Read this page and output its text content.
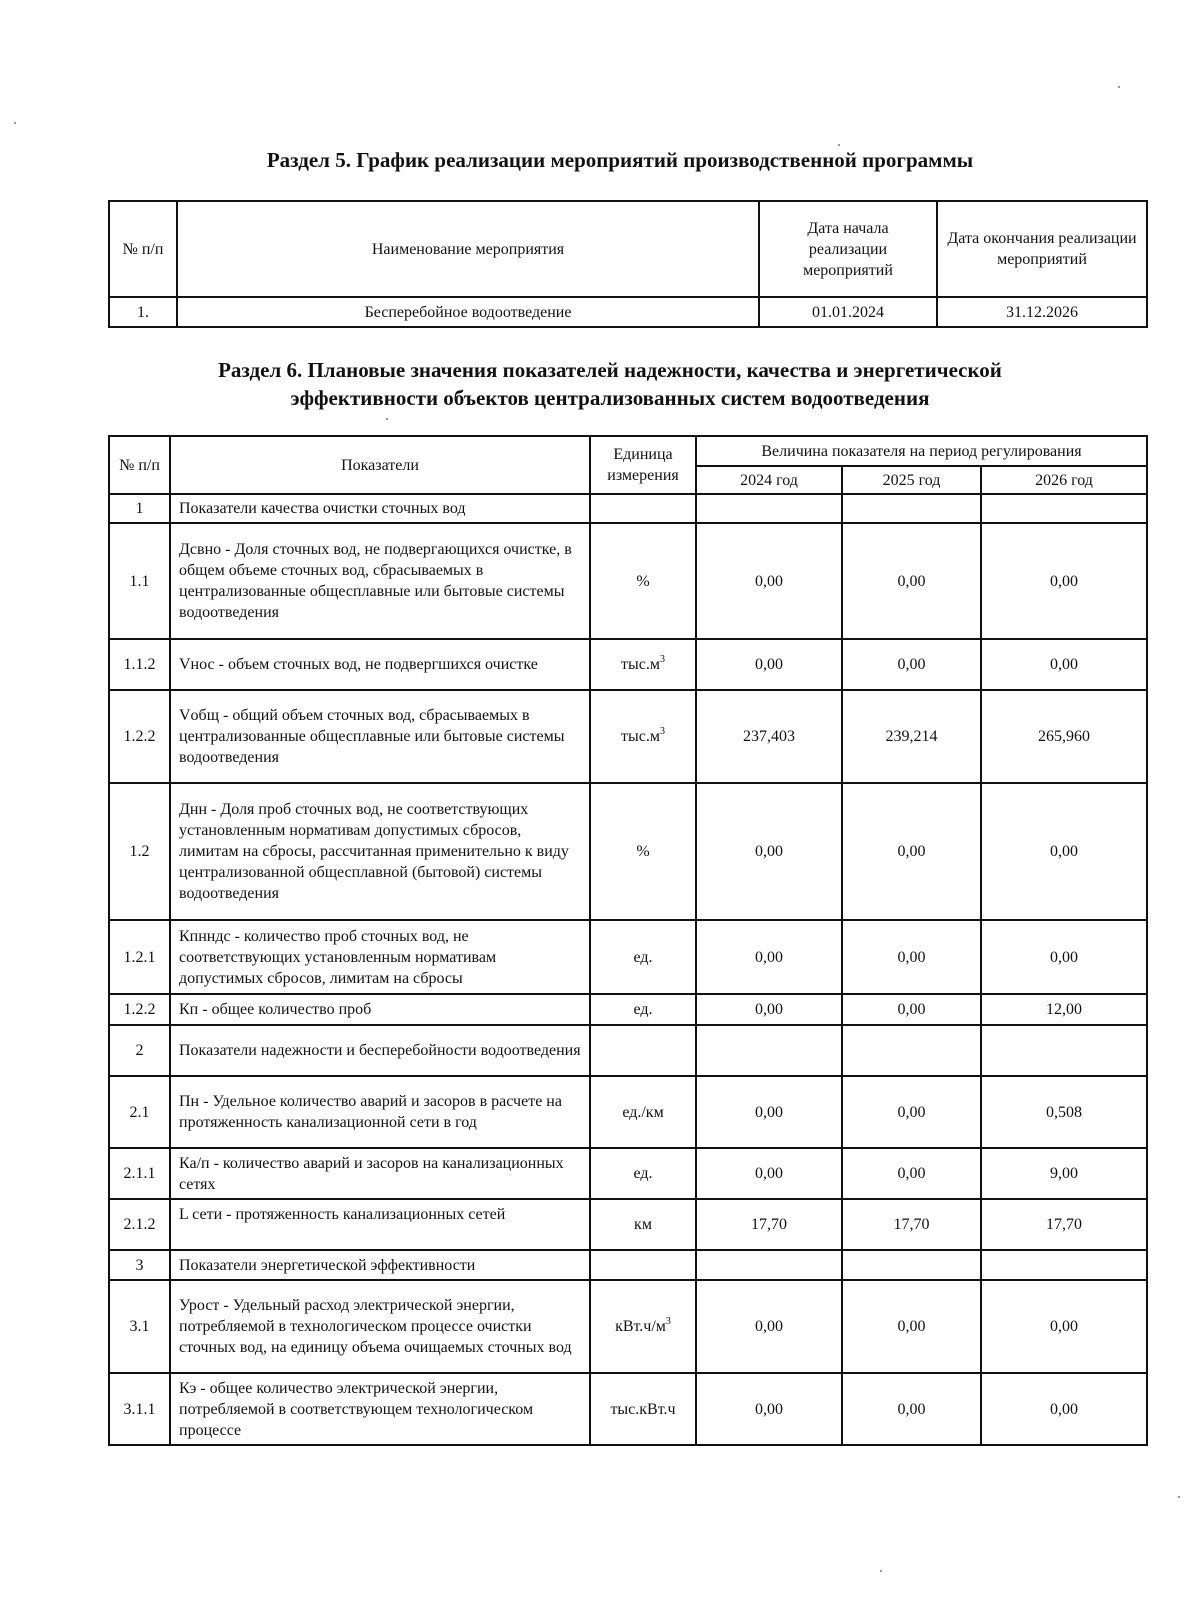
Раздел 5. График реализации мероприятий производственной программы
№ п/п	Наименование мероприятия	Дата начала реализации мероприятий	Дата окончания реализации мероприятий
1.	Бесперебойное водоотведение	01.01.2024	31.12.2026
Раздел 6. Плановые значения показателей надежности, качества и энергетической
эффективности объектов централизованных систем водоотведения
№ п/п	Показатели	Единица измерения	Величина показателя на период регулирования		
			2024 год	2025 год	2026 год
1	Показатели качества очистки сточных вод				
1.1	Дсвно - Доля сточных вод, не подвергающихся очистке, в общем объеме сточных вод, сбрасываемых в централизованные общесплавные или бытовые системы водоотведения	%	0,00	0,00	0,00
1.1.2	Vнос - объем сточных вод, не подвергшихся очистке	$тыс.м^3$	0,00	0,00	0,00
1.2.2	Vобщ - общий объем сточных вод, сбрасываемых в централизованные общесплавные или бытовые системы водоотведения	$тыс.м^3$	237,403	239,214	265,960
1.2	Днн - Доля проб сточных вод, не соответствующих установленным нормативам допустимых сбросов, лимитам на сбросы, рассчитанная применительно к виду централизованной общесплавной (бытовой) системы водоотведения	%	0,00	0,00	0,00
1.2.1	Кпнндс - количество проб сточных вод, не соответствующих установленным нормативам допустимых сбросов, лимитам на сбросы	ед.	0,00	0,00	0,00
1.2.2	Кп - общее количество проб	ед.	0,00	0,00	12,00
2	Показатели надежности и бесперебойности водоотведения				
2.1	Пн - Удельное количество аварий и засоров в расчете на протяженность канализационной сети в год	ед./км	0,00	0,00	0,508
2.1.1	Ка/п - количество аварий и засоров на канализационных сетях	ед.	0,00	0,00	9,00
2.1.2	L сети - протяженность канализационных сетей	км	17,70	17,70	17,70
3	Показатели энергетической эффективности				
3.1	Урост - Удельный расход электрической энергии, потребляемой в технологическом процессе очистки сточных вод, на единицу объема очищаемых сточных вод	$кВт.ч/м^3$	0,00	0,00	0,00
3.1.1	Кэ - общее количество электрической энергии, потребляемой в соответствующем технологическом процессе	тыс.кВт.ч	0,00	0,00	0,00
